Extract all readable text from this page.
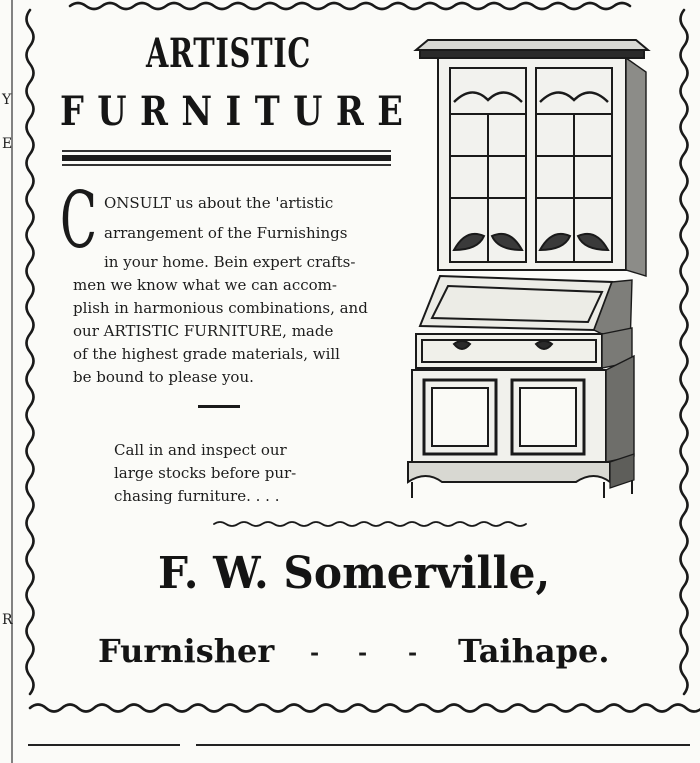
Y
E
R
ARTISTIC
FURNITURE
C ONSULT us about the 'artistic
arrangement of the Furnishings
in your home. Bein expert crafts-
men we know what we can accom-
plish in harmonious combinations, and
our ARTISTIC FURNITURE, made
of the highest grade materials, will
be bound to please you.
Call in and inspect our
large stocks before pur-
chasing furniture. . . .
F. W. Somerville,
Furnisher - - - Taihape.
